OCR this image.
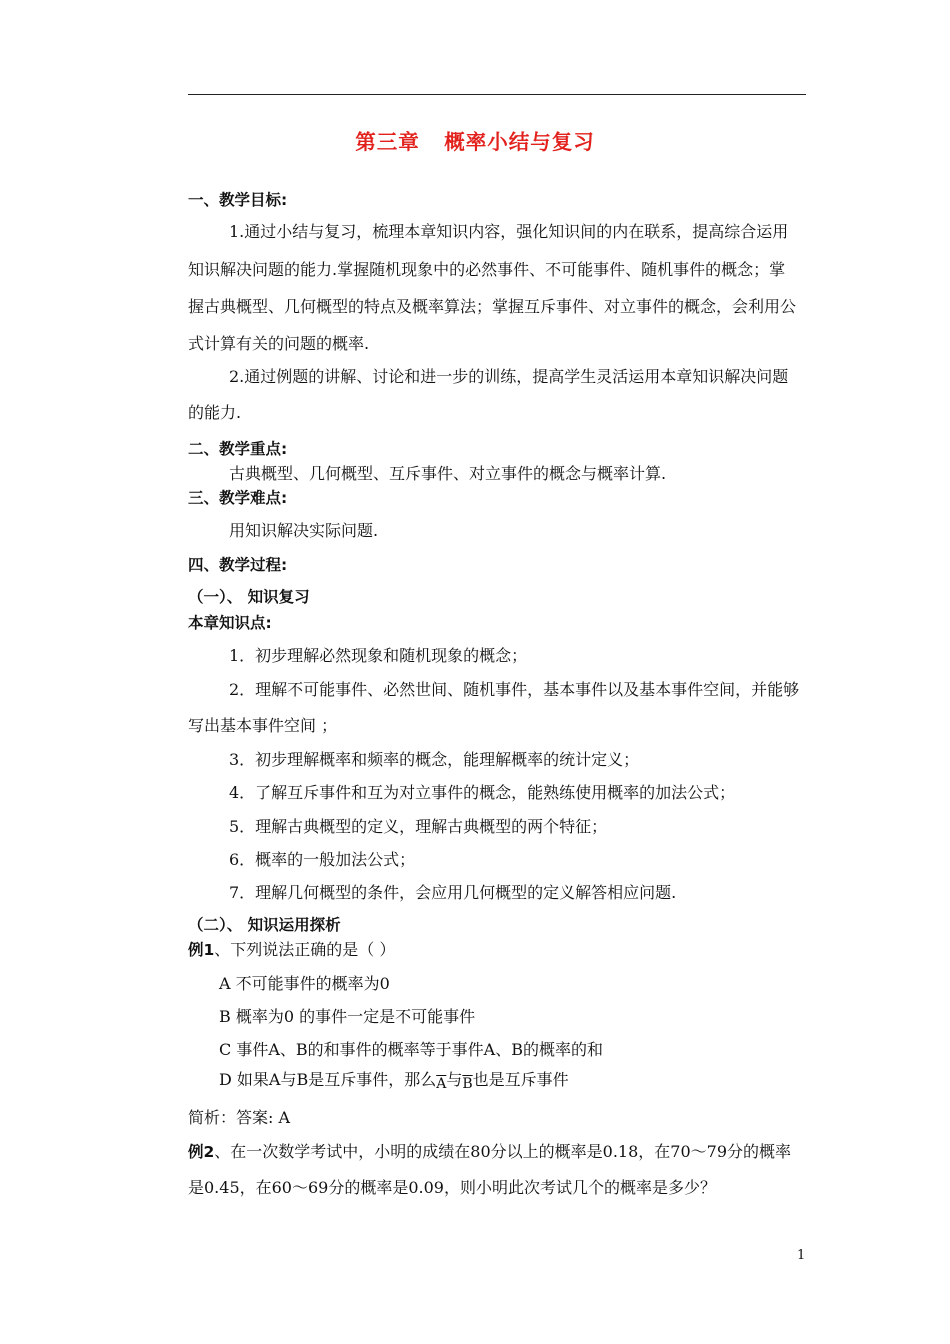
第三章   概率小结与复习
一、教学目标:
1.通过小结与复习，梳理本章知识内容，强化知识间的内在联系，提高综合运用
知识解决问题的能力.掌握随机现象中的必然事件、不可能事件、随机事件的概念；掌
握古典概型、几何概型的特点及概率算法；掌握互斥事件、对立事件的概念，会利用公
式计算有关的问题的概率.
2.通过例题的讲解、讨论和进一步的训练，提高学生灵活运用本章知识解决问题
的能力.
二、教学重点:
古典概型、几何概型、互斥事件、对立事件的概念与概率计算.
三、教学难点:
用知识解决实际问题.
四、教学过程:
（一）、 知识复习
本章知识点:
1．初步理解必然现象和随机现象的概念；
2．理解不可能事件、必然世间、随机事件，基本事件以及基本事件空间，并能够
写出基本事件空间 ；
3．初步理解概率和频率的概念，能理解概率的统计定义；
4．了解互斥事件和互为对立事件的概念，能熟练使用概率的加法公式；
5．理解古典概型的定义，理解古典概型的两个特征；
6．概率的一般加法公式；
7．理解几何概型的条件，会应用几何概型的定义解答相应问题.
（二）、 知识运用探析
例1、下列说法正确的是（ ）
A 不可能事件的概率为0
B 概率为0 的事件一定是不可能事件
C 事件A、B的和事件的概率等于事件A、B的概率的和
D 如果A与B是互斥事件，那么$\overline{A}$与$\overline{B}$也是互斥事件
简析：答案: A
例2、在一次数学考试中，小明的成绩在80分以上的概率是0.18，在70～79分的概率
是0.45，在60～69分的概率是0.09，则小明此次考试几个的概率是多少？
1
